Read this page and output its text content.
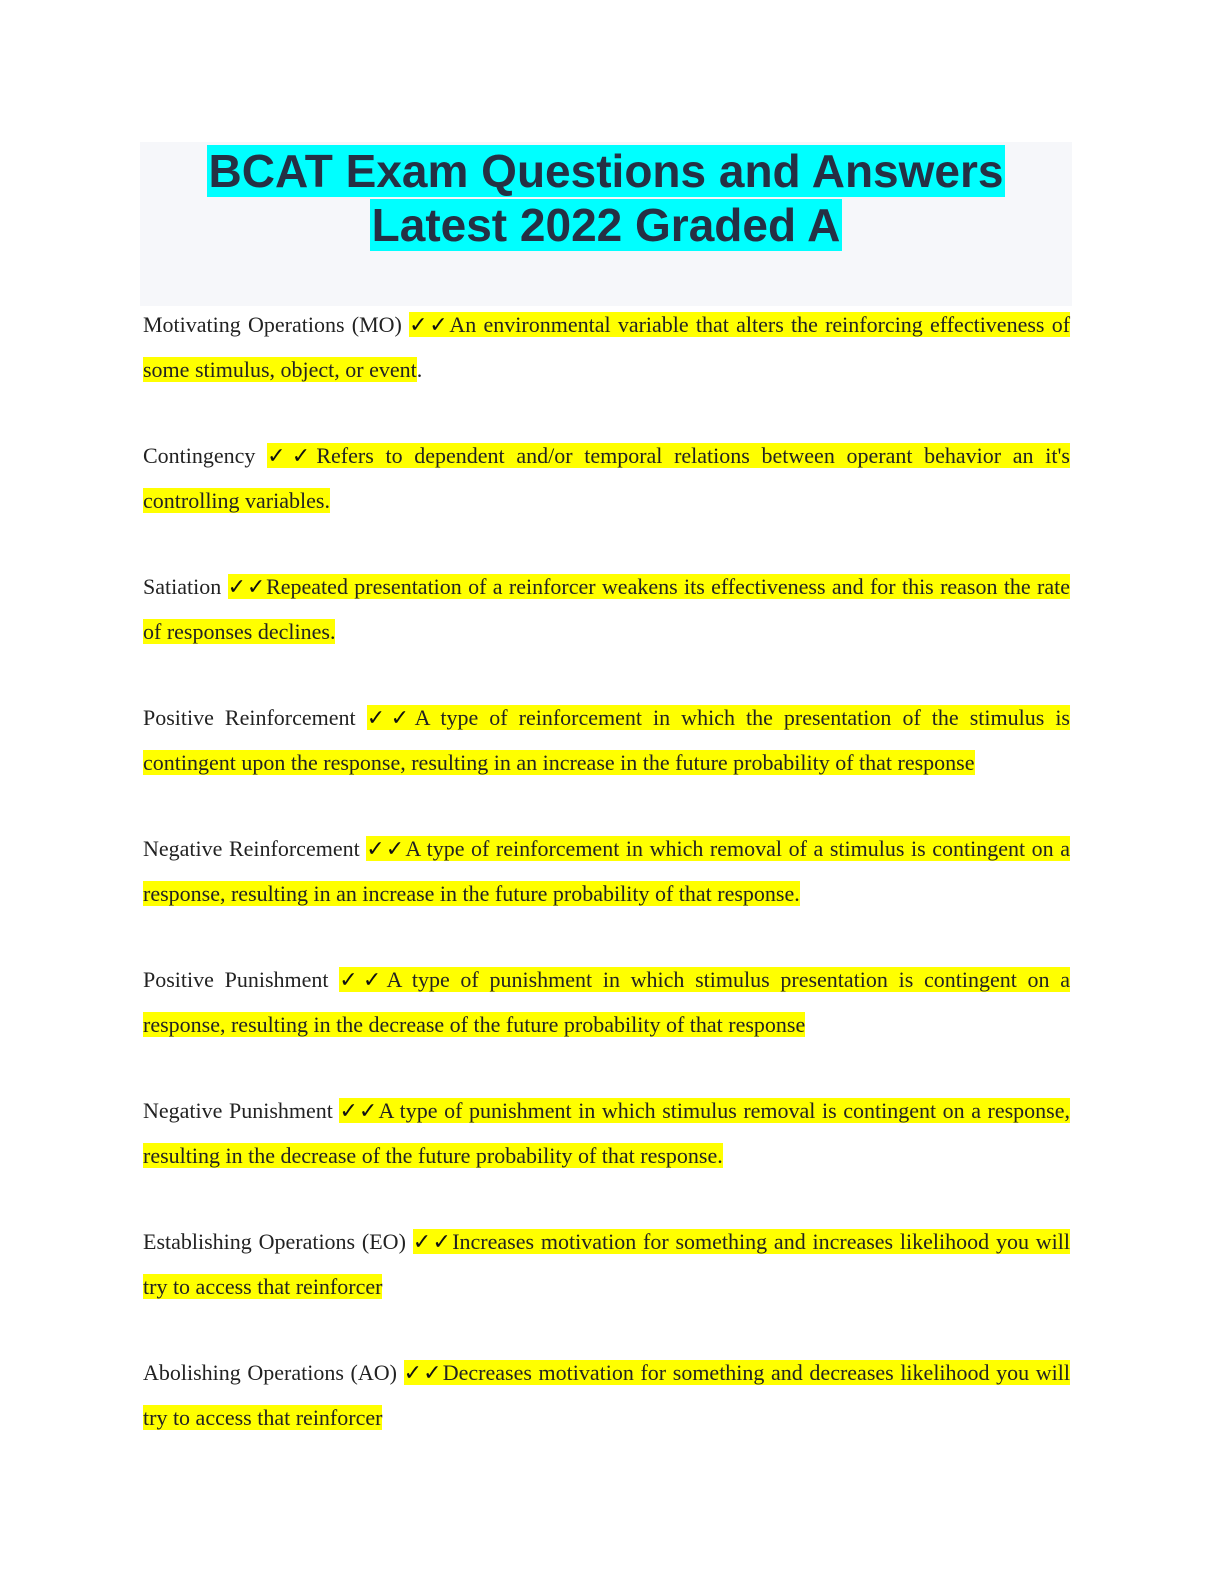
BCAT Exam Questions and Answers
Latest 2022 Graded A

Motivating Operations (MO) ✓✓An environmental variable that alters the reinforcing effectiveness of some stimulus, object, or event.

Contingency ✓✓Refers to dependent and/or temporal relations between operant behavior an it's controlling variables.

Satiation ✓✓Repeated presentation of a reinforcer weakens its effectiveness and for this reason the rate of responses declines.

Positive Reinforcement ✓✓A type of reinforcement in which the presentation of the stimulus is contingent upon the response, resulting in an increase in the future probability of that response

Negative Reinforcement ✓✓A type of reinforcement in which removal of a stimulus is contingent on a response, resulting in an increase in the future probability of that response.

Positive Punishment ✓✓A type of punishment in which stimulus presentation is contingent on a response, resulting in the decrease of the future probability of that response

Negative Punishment ✓✓A type of punishment in which stimulus removal is contingent on a response, resulting in the decrease of the future probability of that response.

Establishing Operations (EO) ✓✓Increases motivation for something and increases likelihood you will try to access that reinforcer

Abolishing Operations (AO) ✓✓Decreases motivation for something and decreases likelihood you will try to access that reinforcer
